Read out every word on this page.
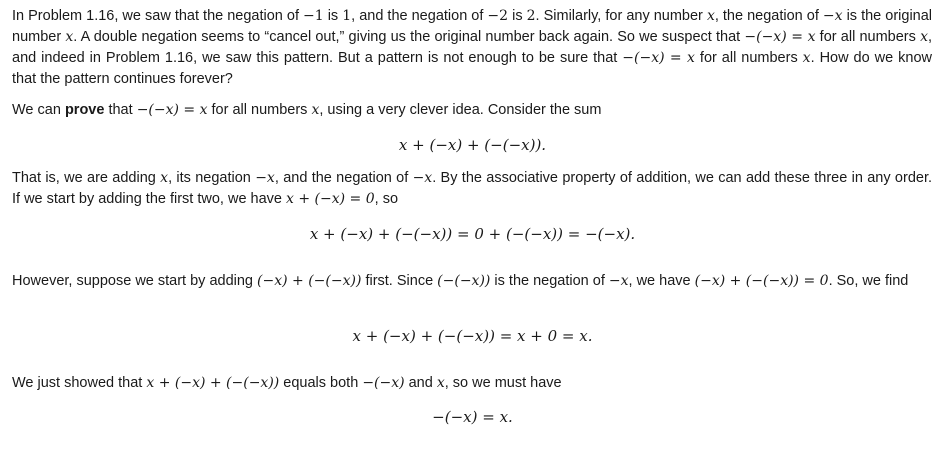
In Problem 1.16, we saw that the negation of −1 is 1, and the negation of −2 is 2. Similarly, for any number x, the negation of −x is the original number x. A double negation seems to “cancel out,” giving us the original number back again. So we suspect that −(−x) = x for all numbers x, and indeed in Problem 1.16, we saw this pattern. But a pattern is not enough to be sure that −(−x) = x for all numbers x. How do we know that the pattern continues forever?

We can prove that −(−x) = x for all numbers x, using a very clever idea. Consider the sum

x + (−x) + (−(−x)).

That is, we are adding x, its negation −x, and the negation of −x. By the associative property of addition, we can add these three in any order. If we start by adding the first two, we have x + (−x) = 0, so

x + (−x) + (−(−x)) = 0 + (−(−x)) = −(−x).

However, suppose we start by adding (−x) + (−(−x)) first. Since (−(−x)) is the negation of −x, we have (−x) + (−(−x)) = 0. So, we find

x + (−x) + (−(−x)) = x + 0 = x.

We just showed that x + (−x) + (−(−x)) equals both −(−x) and x, so we must have

−(−x) = x.
